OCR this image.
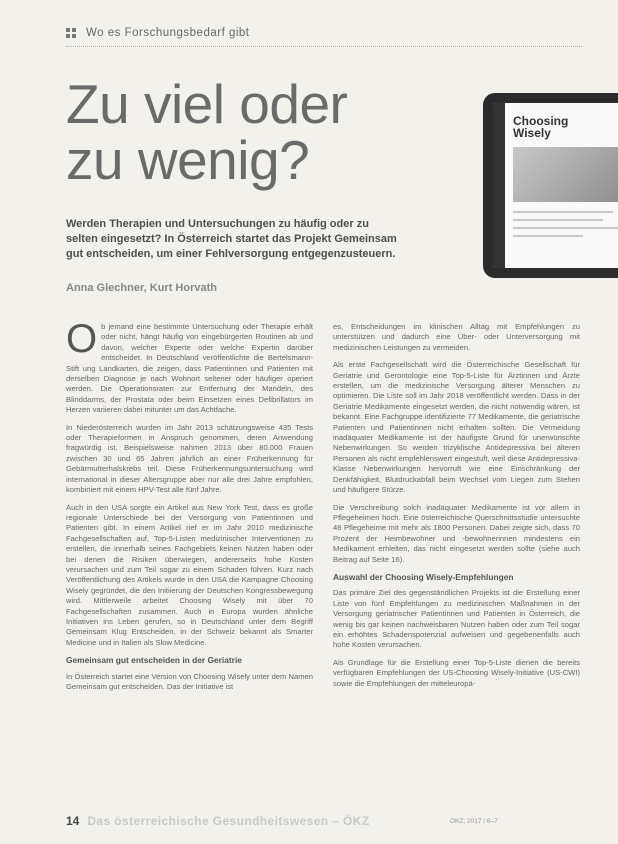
Wo es Forschungsbedarf gibt
Zu viel oder
zu wenig?
Choosing
Wisely

Werden Therapien und Untersuchungen zu häufig oder zu selten eingesetzt? In Österreich startet das Projekt Gemeinsam gut entscheiden, um einer Fehlversorgung entgegenzusteuern.

Anna Glechner, Kurt Horvath

Ob jemand eine bestimmte Untersuchung oder Therapie erhält oder nicht, hängt häufig von eingebürgerten Routinen ab und davon, welcher Experte oder welche Expertin darüber entscheidet. In Deutschland veröffentlichte die Bertelsmann-Stift ung Landkarten, die zeigen, dass Patientinnen und Patienten mit derselben Diagnose je nach Wohnort seltener oder häufiger operiert werden. Die Operationsraten zur Entfernung der Mandeln, des Blinddarms, der Prostata oder beim Einsetzen eines Defibrillators im Herzen variieren dabei mitunter um das Achtfache.

In Niederösterreich wurden im Jahr 2013 schätzungsweise 435 Tests oder Therapieformen in Anspruch genommen, deren Anwendung fragwürdig ist. Beispielsweise nahmen 2013 über 80.000 Frauen zwischen 30 und 65 Jahren jährlich an einer Früherkennung für Gebärmutterhalskrebs teil. Diese Früherkennungsuntersuchung wird international in dieser Altersgruppe aber nur alle drei Jahre empfohlen, kombiniert mit einem HPV-Test alle fünf Jahre.

Auch in den USA sorgte ein Artikel aus New York Test, dass es große regionale Unterschiede bei der Versorgung von Patientinnen und Patienten gibt. In einem Artikel rief er im Jahr 2010 medizinische Fachgesellschaften auf, Top-5-Listen medizinischer Interventionen zu erstellen, die innerhalb seines Fachgebiets keinen Nutzen haben oder bei denen die Risiken überwiegen, andererseits hohe Kosten verursachen und zum Teil sogar zu einem Schaden führen. Kurz nach Veröffentlichung des Artikels wurde in den USA die Kampagne Choosing Wisely gegründet, die den Initiierung der Deutschen Kongressbewegung wird. Mittlerweile arbeitet Choosing Wisely mit über 70 Fachgesellschaften zusammen. Auch in Europa wurden ähnliche Initiativen ins Leben gerufen, so in Deutschland unter dem Begriff Gemeinsam Klug Entscheiden, in der Schweiz bekannt als Smarter Medicine und in Italien als Slow Medicine.

Gemeinsam gut entscheiden in der Geriatrie

In Österreich startet eine Version von Choosing Wisely unter dem Namen Gemeinsam gut entscheiden. Das der Initiative ist

es, Entscheidungen im klinischen Alltag mit Empfehlungen zu unterstützen und dadurch eine Über- oder Unterversorgung mit medizinischen Leistungen zu vermeiden.

Als erste Fachgesellschaft wird die Österreichische Gesellschaft für Geriatrie und Gerontologie eine Top-5-Liste für Ärztinnen und Ärzte erstellen, um die medizinische Versorgung älterer Menschen zu optimieren. Die Liste soll im Jahr 2018 veröffentlicht werden. Dass in der Geriatrie Medikamente eingesetzt werden, die nicht notwendig wären, ist bekannt. Eine Fachgruppe identifizierte 77 Medikamente, die geriatrische Patienten und Patientinnen nicht erhalten sollten. Die Vermeidung inadäquater Medikamente ist der häufigste Grund für unerwünschte Nebenwirkungen. So werden trizyklische Antidepressiva bei älteren Personen als nicht empfehlenswert eingestuft, weil diese Antidepressiva-Klasse Nebenwirkungen hervorruft wie eine Einschränkung der Denkfähigkeit, Blutdruckabfall beim Wechsel vom Liegen zum Stehen und häufigere Stürze.

Die Verschreibung solch inadäquater Medikamente ist vor allem in Pflegeheimen hoch. Eine österreichische Querschnittsstudie untersuchte 48 Pflegeheime mit mehr als 1800 Personen. Dabei zeigte sich, dass 70 Prozent der Heimbewohner und -bewohnerinnen mindestens ein Medikament erhielten, das nicht eingesetzt werden sollte (siehe auch Beitrag auf Seite 16).

Auswahl der Choosing Wisely-Empfehlungen

Das primäre Ziel des gegenständlichen Projekts ist die Erstellung einer Liste von fünf Empfehlungen zu medizinischen Maßnahmen in der Versorgung geriatrischer Patientinnen und Patienten in Österreich, die wenig bis gar keinen nachweisbaren Nutzen haben oder zum Teil sogar ein erhöhtes Schadenspotenzial aufweisen und gegebenenfalls auch hohe Kosten verursachen.

Als Grundlage für die Erstellung einer Top-5-Liste dienen die bereits verfügbaren Empfehlungen der US-Choosing Wisely-Initiative (US-CWI) sowie die Empfehlungen der mitteleuropä-

14 Das österreichische Gesundheitswesen – ÖKZ	ÖKZ, 2017 / 6–7
